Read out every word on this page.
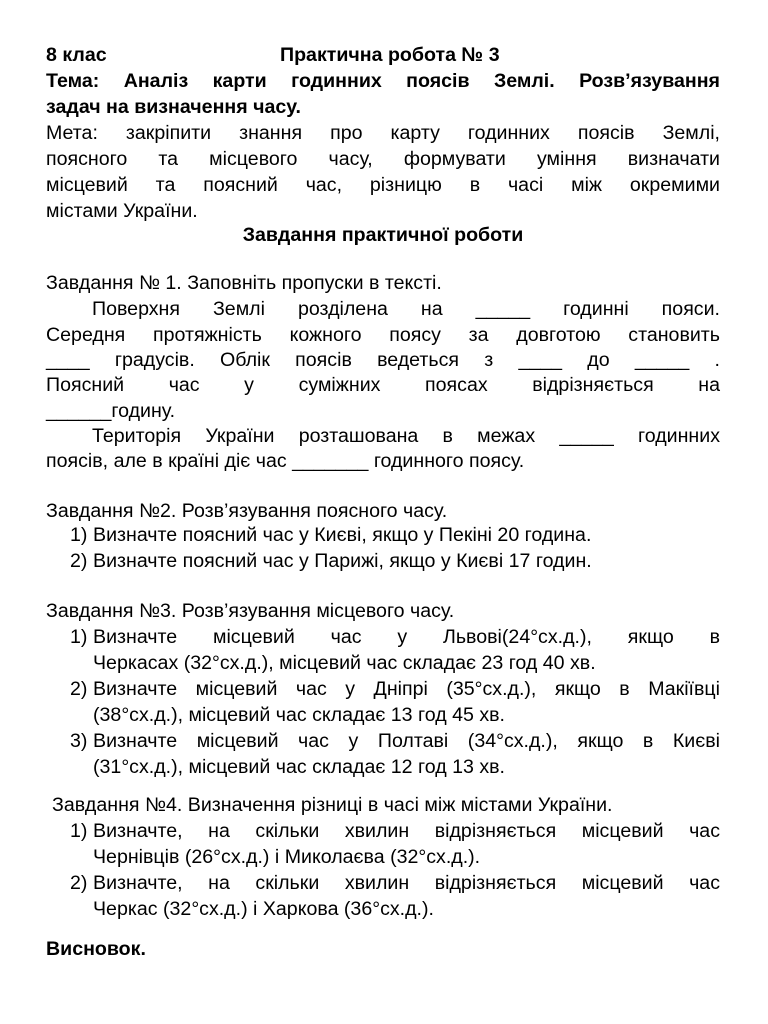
8 клас	Практична робота № 3
Тема: Аналіз карти годинних поясів Землі. Розв’язування
задач на визначення часу.
Мета: закріпити знання про карту годинних поясів Землі,
поясного та місцевого часу, формувати уміння визначати
місцевий та поясний час, різницю в часі між окремими
містами України.
Завдання практичної роботи
Завдання № 1. Заповніть пропуски в тексті.
Поверхня Землі розділена на _____ годинні пояси.
Середня протяжність кожного поясу за довготою становить
____ градусів. Облік поясів ведеться з ____ до _____ .
Поясний час у суміжних поясах відрізняється на
______годину.
Територія України розташована в межах _____ годинних
поясів, але в країні діє час _______ годинного поясу.
Завдання №2. Розв’язування поясного часу.
1) Визначте поясний час у Києві, якщо у Пекіні 20 година.
2) Визначте поясний час у Парижі, якщо у Києві 17 годин.
Завдання №3. Розв’язування місцевого часу.
1) Визначте місцевий час у Львові(24°сх.д.), якщо в
Черкасах (32°сх.д.), місцевий час складає 23 год 40 хв.
2) Визначте місцевий час у Дніпрі (35°сх.д.), якщо в Макіївці
(38°сх.д.), місцевий час складає 13 год 45 хв.
3) Визначте місцевий час у Полтаві (34°сх.д.), якщо в Києві
(31°сх.д.), місцевий час складає 12 год 13 хв.
Завдання №4. Визначення різниці в часі між містами України.
1) Визначте, на скільки хвилин відрізняється місцевий час
Чернівців (26°сх.д.) і Миколаєва (32°сх.д.).
2) Визначте, на скільки хвилин відрізняється місцевий час
Черкас (32°сх.д.) і Харкова (36°сх.д.).
Висновок.
